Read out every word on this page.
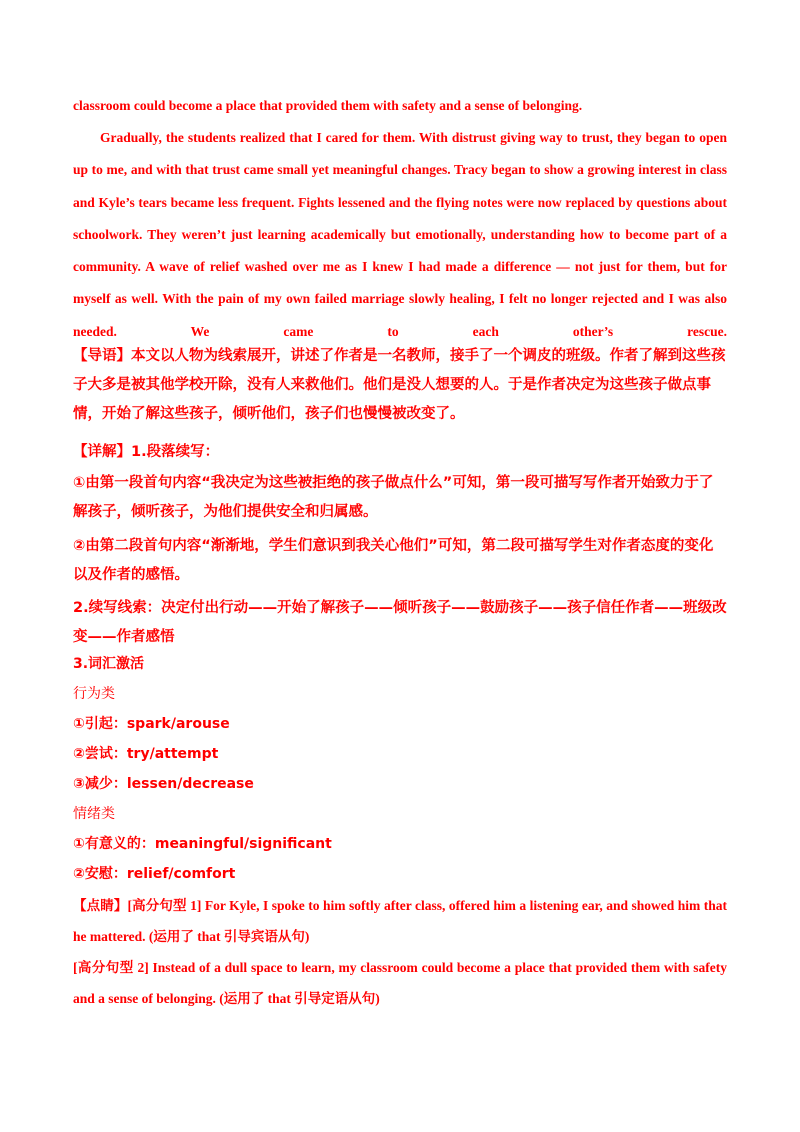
classroom could become a place that provided them with safety and a sense of belonging.

Gradually, the students realized that I cared for them. With distrust giving way to trust, they began to open up to me, and with that trust came small yet meaningful changes. Tracy began to show a growing interest in class and Kyle’s tears became less frequent. Fights lessened and the flying notes were now replaced by questions about schoolwork. They weren’t just learning academically but emotionally, understanding how to become part of a community. A wave of relief washed over me as I knew I had made a difference — not just for them, but for myself as well. With the pain of my own failed marriage slowly healing, I felt no longer rejected and I was also needed. We came to each other’s rescue.

【导语】本文以人物为线索展开，讲述了作者是一名教师，接手了一个调皮的班级。作者了解到这些孩子大多是被其他学校开除，没有人来救他们。他们是没人想要的人。于是作者决定为这些孩子做点事情，开始了解这些孩子，倾听他们，孩子们也慢慢被改变了。

【详解】1.段落续写：

①由第一段首句内容“我决定为这些被拒绝的孩子做点什么”可知，第一段可描写写作者开始致力于了解孩子，倾听孩子，为他们提供安全和归属感。

②由第二段首句内容“渐渐地，学生们意识到我关心他们”可知，第二段可描写学生对作者态度的变化以及作者的感悟。

2.续写线索：决定付出行动——开始了解孩子——倾听孩子——鼓励孩子——孩子信任作者——班级改变——作者感悟

3.词汇激活

行为类

①引起：spark/arouse

②尝试：try/attempt

③减少：lessen/decrease

情绪类

①有意义的：meaningful/significant

②安慰：relief/comfort

【点睛】[高分句型 1] For Kyle, I spoke to him softly after class, offered him a listening ear, and showed him that he mattered. (运用了 that 引导宾语从句)

[高分句型 2] Instead of a dull space to learn, my classroom could become a place that provided them with safety and a sense of belonging. (运用了 that 引导定语从句)
